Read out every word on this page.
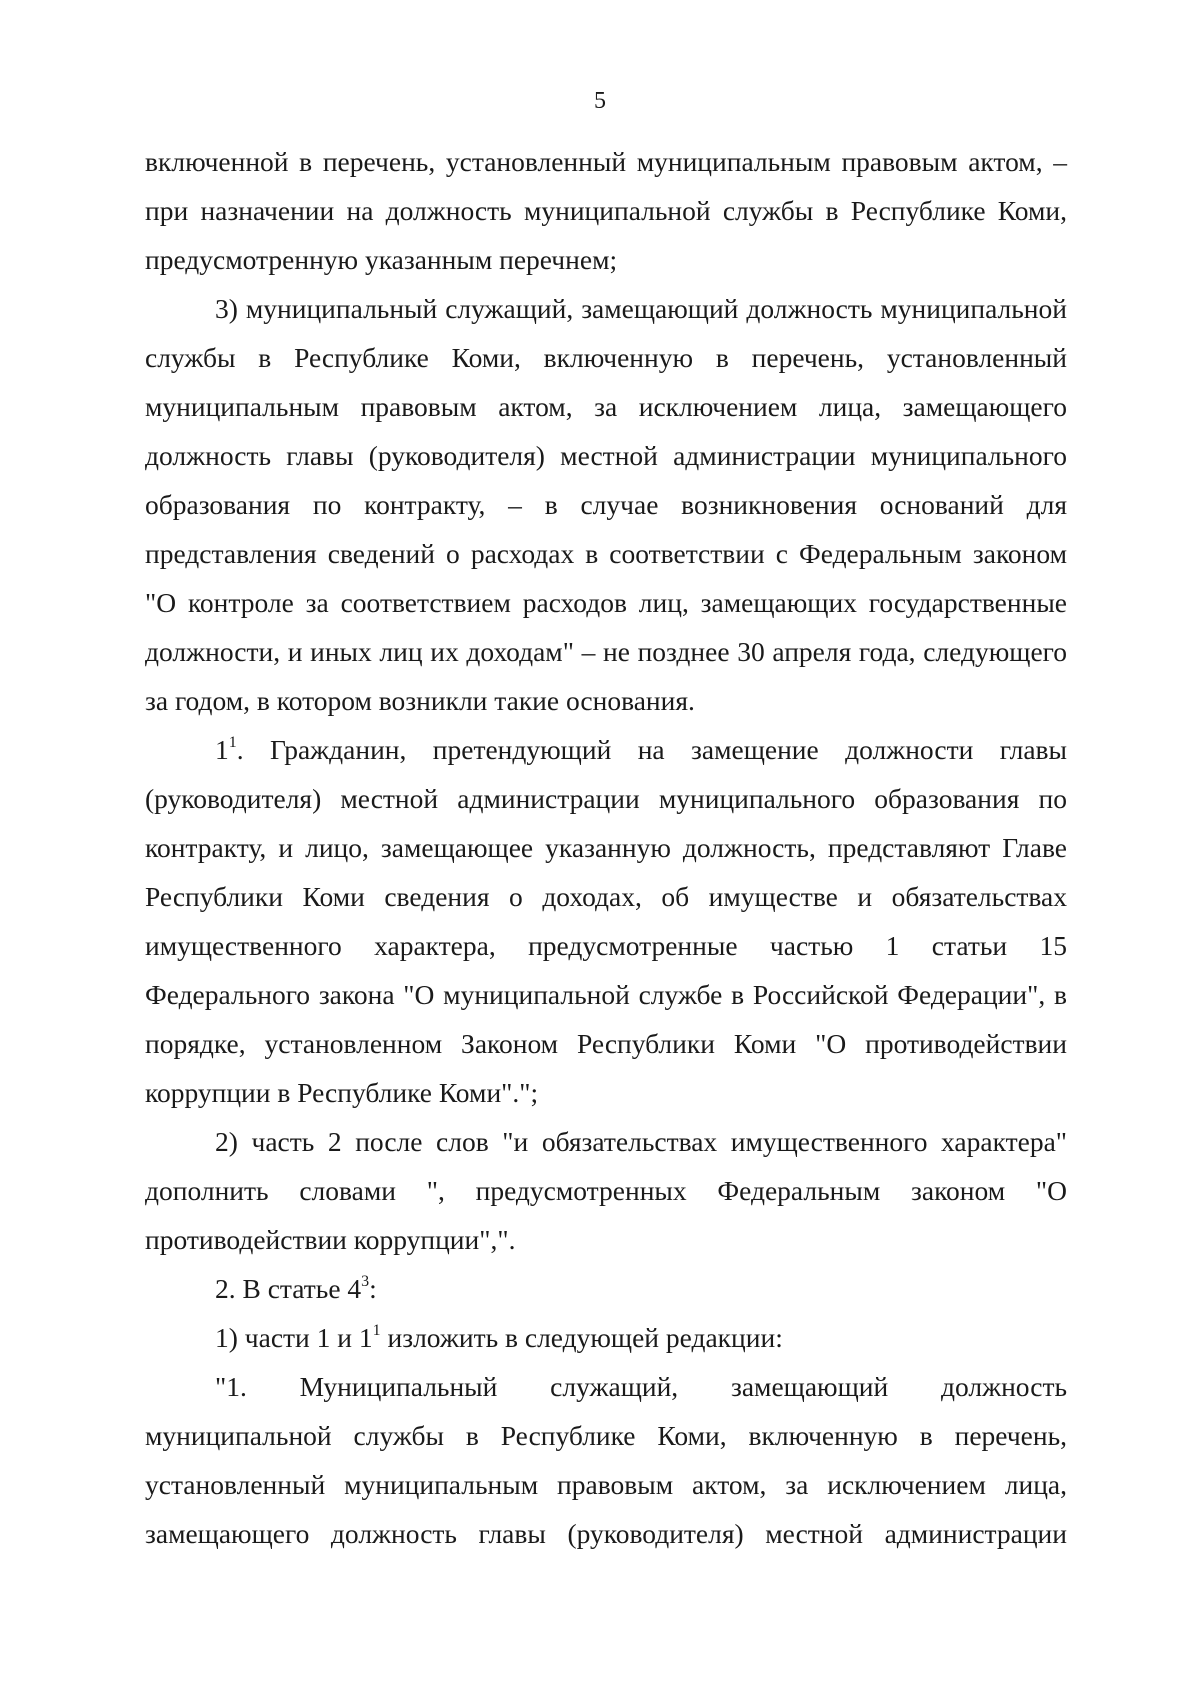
5

включенной в перечень, установленный муниципальным правовым актом, – при назначении на должность муниципальной службы в Республике Коми, предусмотренную указанным перечнем;

3) муниципальный служащий, замещающий должность муниципальной службы в Республике Коми, включенную в перечень, установленный муниципальным правовым актом, за исключением лица, замещающего должность главы (руководителя) местной администрации муниципального образования по контракту, – в случае возникновения оснований для представления сведений о расходах в соответствии с Федеральным законом "О контроле за соответствием расходов лиц, замещающих государственные должности, и иных лиц их доходам" – не позднее 30 апреля года, следующего за годом, в котором возникли такие основания.

$1^1$. Гражданин, претендующий на замещение должности главы (руководителя) местной администрации муниципального образования по контракту, и лицо, замещающее указанную должность, представляют Главе Республики Коми сведения о доходах, об имуществе и обязательствах имущественного характера, предусмотренные частью 1 статьи 15 Федерального закона "О муниципальной службе в Российской Федерации", в порядке, установленном Законом Республики Коми "О противодействии коррупции в Республике Коми".";

2) часть 2 после слов "и обязательствах имущественного характера" дополнить словами ", предусмотренных Федеральным законом "О противодействии коррупции",".

2. В статье $4^3$:

1) части 1 и $1^1$ изложить в следующей редакции:

"1. Муниципальный служащий, замещающий должность муниципальной службы в Республике Коми, включенную в перечень, установленный муниципальным правовым актом, за исключением лица, замещающего должность главы (руководителя) местной администрации
